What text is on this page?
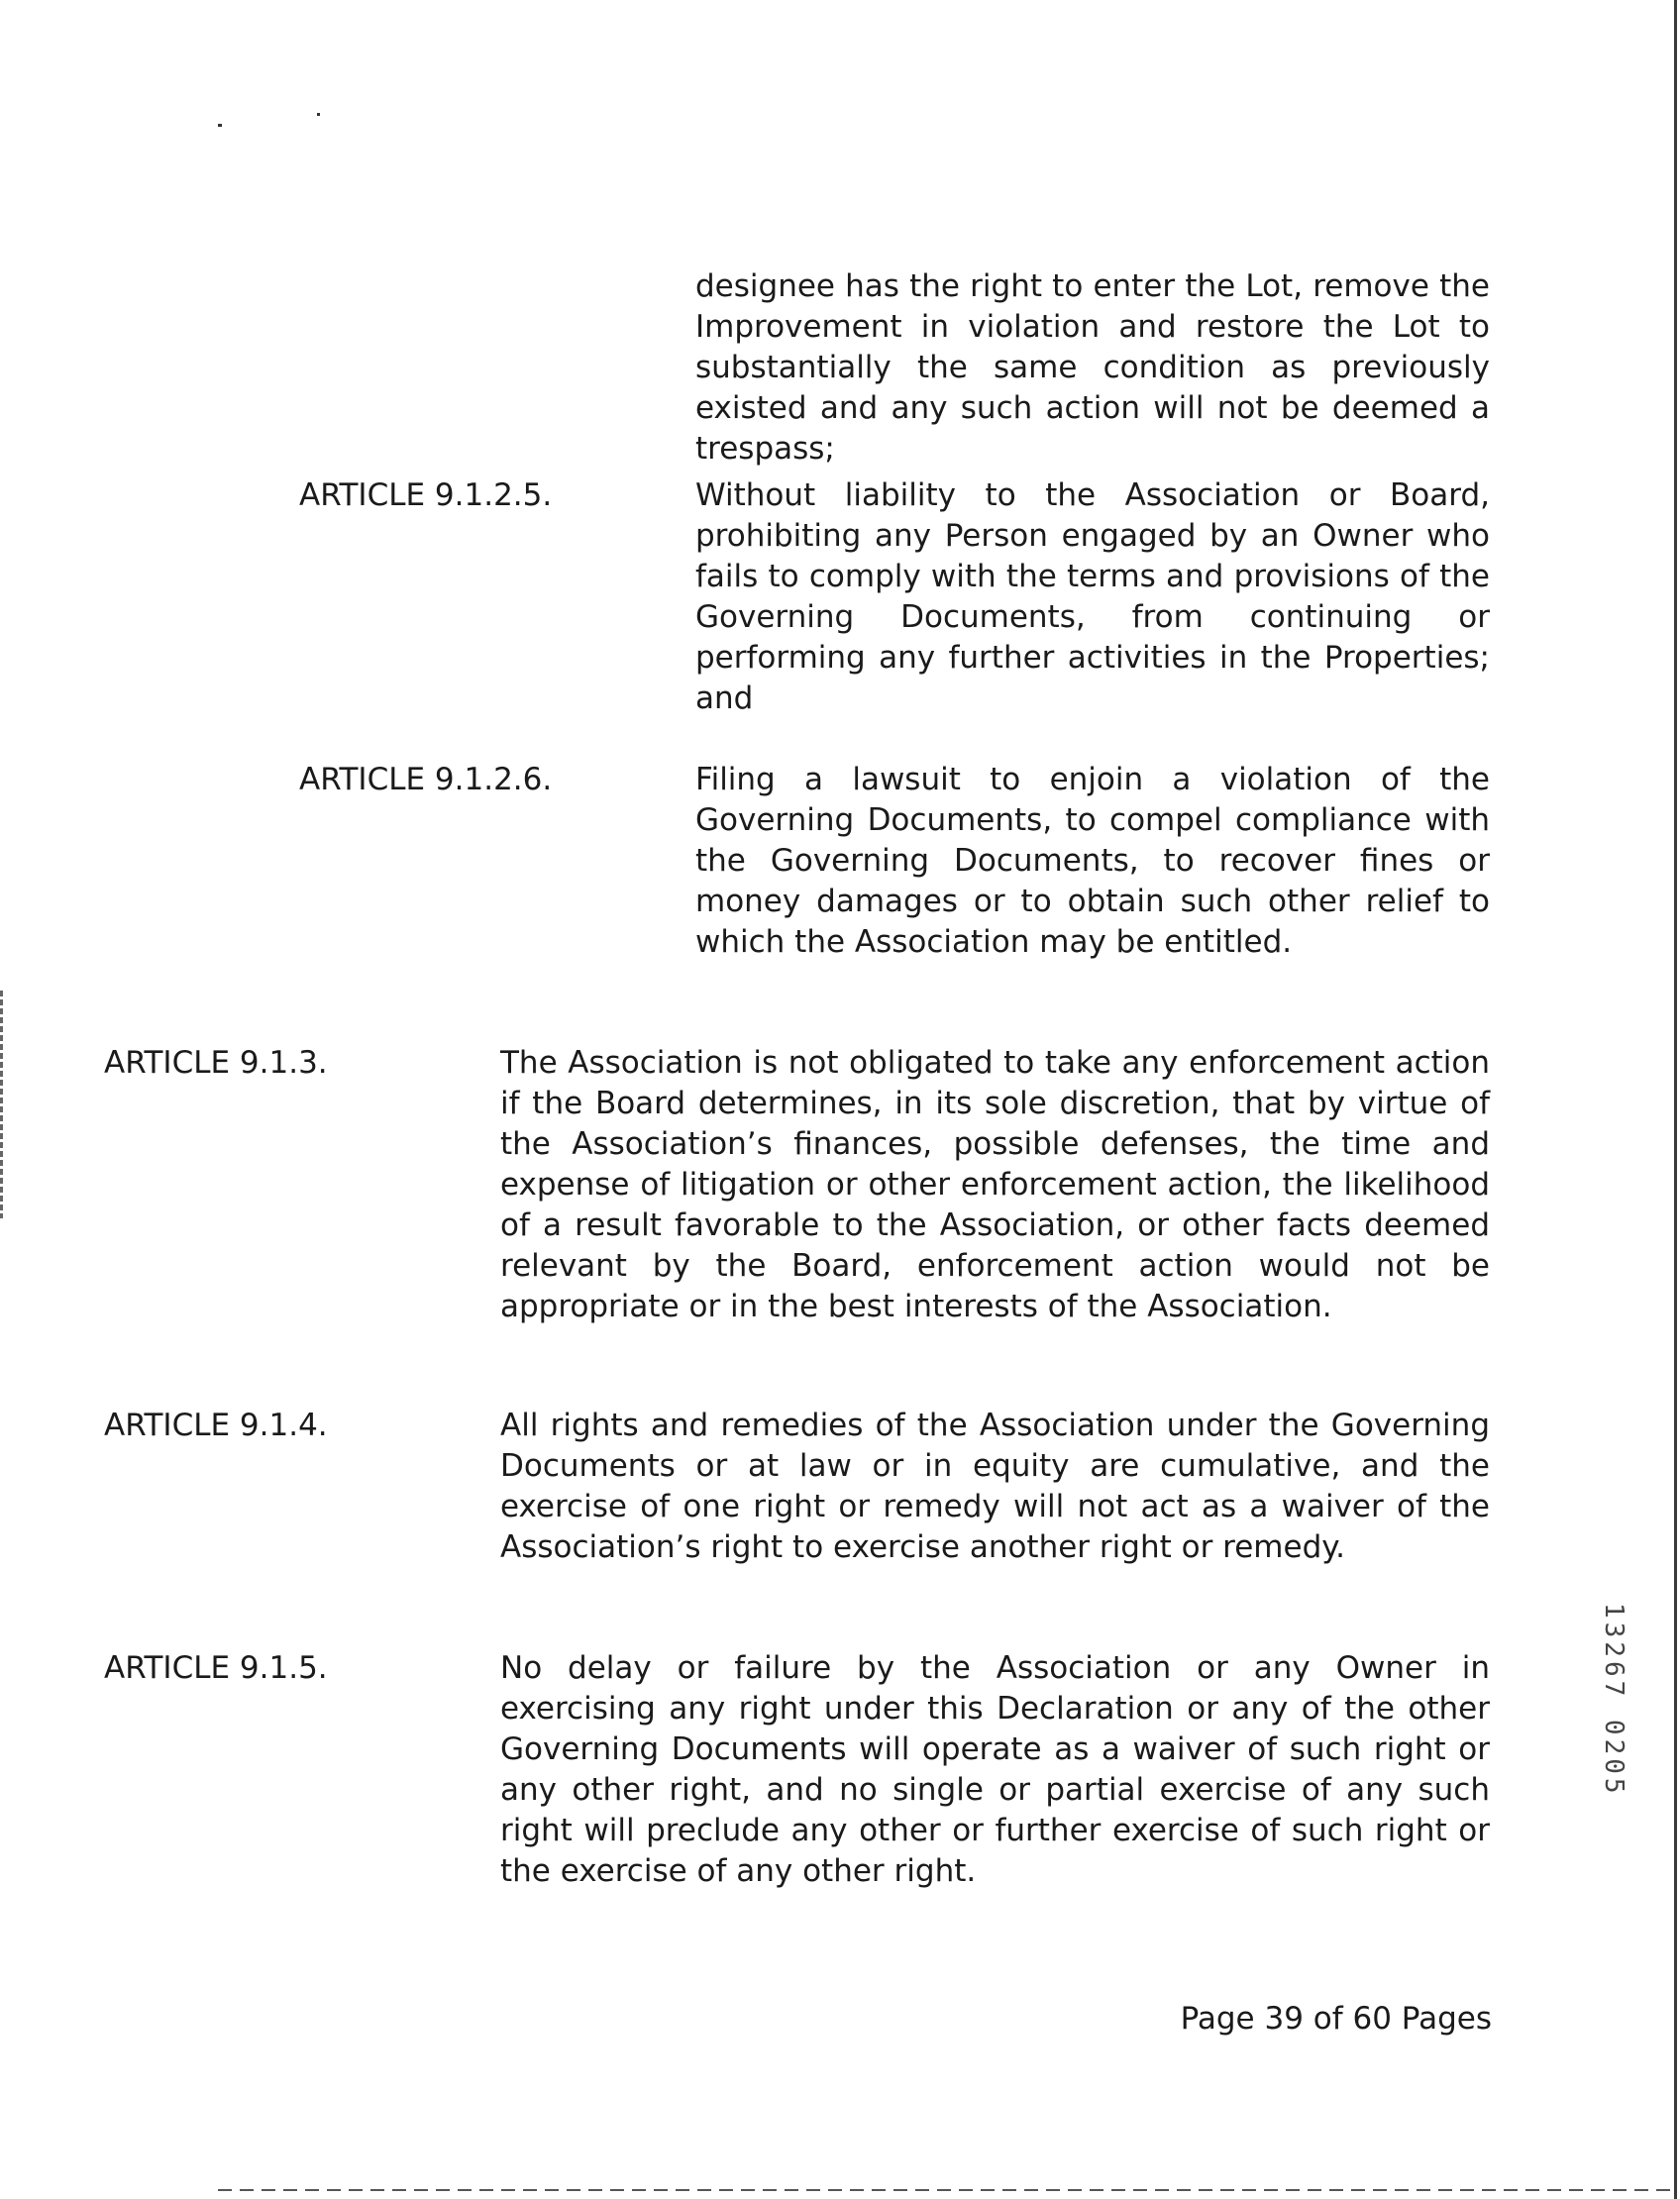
designee has the right to enter the Lot, remove the Improvement in violation and restore the Lot to substantially the same condition as previously existed and any such action will not be deemed a trespass;

ARTICLE 9.1.2.5.	Without liability to the Association or Board, prohibiting any Person engaged by an Owner who fails to comply with the terms and provisions of the Governing Documents, from continuing or performing any further activities in the Properties; and
ARTICLE 9.1.2.6.	Filing a lawsuit to enjoin a violation of the Governing Documents, to compel compliance with the Governing Documents, to recover fines or money damages or to obtain such other relief to which the Association may be entitled.
ARTICLE 9.1.3.	The Association is not obligated to take any enforcement action if the Board determines, in its sole discretion, that by virtue of the Association’s finances, possible defenses, the time and expense of litigation or other enforcement action, the likelihood of a result favorable to the Association, or other facts deemed relevant by the Board, enforcement action would not be appropriate or in the best interests of the Association.
ARTICLE 9.1.4.	All rights and remedies of the Association under the Governing Documents or at law or in equity are cumulative, and the exercise of one right or remedy will not act as a waiver of the Association’s right to exercise another right or remedy.
ARTICLE 9.1.5.	No delay or failure by the Association or any Owner in exercising any right under this Declaration or any of the other Governing Documents will operate as a waiver of such right or any other right, and no single or partial exercise of any such right will preclude any other or further exercise of such right or the exercise of any other right.
Page 39 of 60 Pages
13267 0205
